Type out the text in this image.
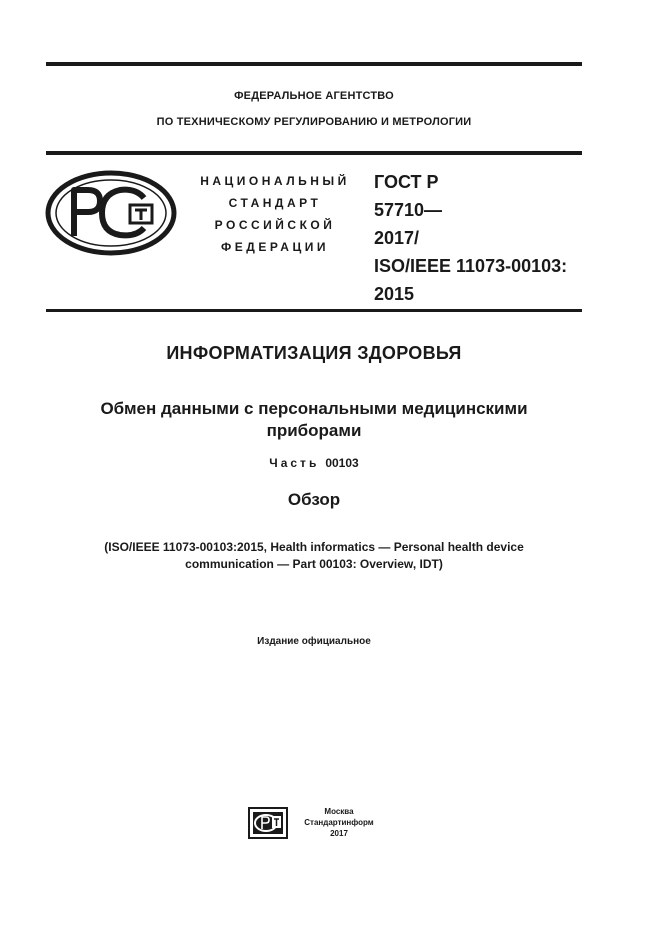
ФЕДЕРАЛЬНОЕ АГЕНТСТВО
ПО ТЕХНИЧЕСКОМУ РЕГУЛИРОВАНИЮ И МЕТРОЛОГИИ
НАЦИОНАЛЬНЫЙ
СТАНДАРТ
РОССИЙСКОЙ
ФЕДЕРАЦИИ
ГОСТ Р
57710—
2017/
ISO/IEEE 11073-00103:
2015
ИНФОРМАТИЗАЦИЯ ЗДОРОВЬЯ
Обмен данными с персональными медицинскими
приборами
Часть 00103
Обзор
(ISO/IEEE 11073-00103:2015, Health informatics — Personal health device
communication — Part 00103: Overview, IDT)
Издание официальное
Москва
Стандартинформ
2017
